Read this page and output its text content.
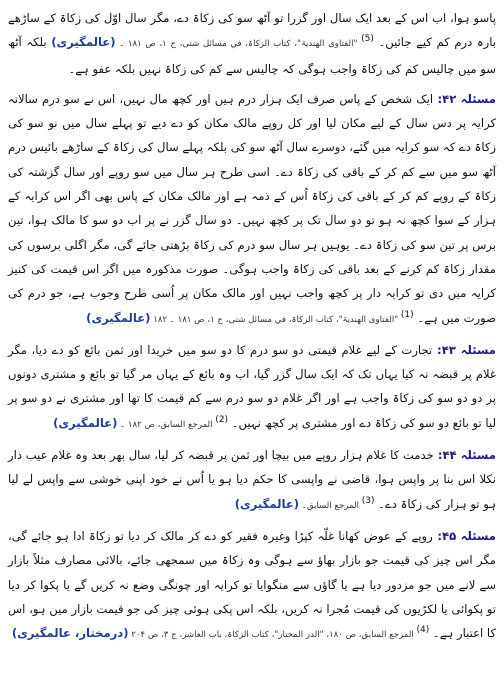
پاسو ہوا، اب اس کے بعد ایک سال اور گزرا تو آٹھ سو کی زکاۃ دے، مگر سال اوّل کی زکاۃ کے ساڑھے بارہ درم کم کیے جائیں۔ $^{(5)}$ "الفتاوی الھندیۃ"، کتاب الزکاۃ، في مسائل شتی، ج ۱، ص ۱۸۱ ۔ (عالمگیری) بلکہ آٹھ سو میں چالیس کم کی زکاۃ واجب ہوگی کہ چالیس سے کم کی زکاۃ نہیں بلکہ عفو ہے۔

مسئلہ ۴۲: ایک شخص کے پاس صرف ایک ہزار درم ہیں اور کچھ مال نہیں، اس نے سو درم سالانہ کرایہ پر دس سال کے لیے مکان لیا اور کل روپے مالک مکان کو دے دیے تو پہلے سال میں نو سو کی زکاۃ دے کہ سو کرایہ میں گئے، دوسرے سال آٹھ سو کی بلکہ پہلے سال کی زکاۃ کے ساڑھے بائیس درم آٹھ سو میں سے کم کر کے باقی کی زکاۃ دے۔ اسی طرح ہر سال میں سو روپے اور سال گزشتہ کی زکاۃ کے روپے کم کر کے باقی کی زکاۃ اُس کے ذمہ ہے اور مالک مکان کے پاس بھی اگر اس کرایہ کے ہزار کے سوا کچھ نہ ہو تو دو سال تک پر کچھ نہیں۔ دو سال گزر نے پر اب دو سو کا مالک ہوا، تین برس پر تین سو کی زکاۃ دے۔ یوہیں ہر سال سو درم کی زکاۃ بڑھتی جائے گی، مگر اگلی برسوں کی مقدار زکاۃ کم کرنے کے بعد باقی کی زکاۃ واجب ہوگی۔ صورت مذکورہ میں اگر اس قیمت کی کنیز کرایہ میں دی تو کرایہ دار پر کچھ واجب نہیں اور مالک مکان پر اُسی طرح وجوب ہے، جو درم کی صورت میں ہے۔ $^{(1)}$ "الفتاوی الھندیۃ"، کتاب الزکاۃ، في مسائل شتی، ج ۱، ص ۱۸۱ ۔ ۱۸۲ (عالمگیری)

مسئلہ ۴۳: تجارت کے لیے غلام قیمتی دو سو درم کا دو سو میں خریدا اور ثمن بائع کو دے دیا، مگر غلام پر قبضہ نہ کیا یہاں تک کہ ایک سال گزر گیا، اب وہ بائع کے یہاں مر گیا تو بائع و مشتری دونوں پر دو دو سو کی زکاۃ واجب ہے اور اگر غلام دو سو درم سے کم قیمت کا تھا اور مشتری نے دو سو پر لیا تو بائع دو سو کی زکاۃ دے اور مشتری پر کچھ نہیں۔ $^{(2)}$ المرجع السابق، ص ۱۸۲ ۔ (عالمگیری)

مسئلہ ۴۴: خدمت کا غلام ہزار روپے میں بیچا اور ثمن پر قبضہ کر لیا، سال بھر بعد وہ غلام عیب دار نکلا اس بنا پر واپس ہوا، قاضی نے واپسی کا حکم دیا ہو یا اُس نے خود اپنی خوشی سے واپس لے لیا ہو تو ہزار کی زکاۃ دے۔ $^{(3)}$ المرجع السابق۔ (عالمگیری)

مسئلہ ۴۵: روپے کے عوض کھانا غلّہ کپڑا وغیرہ فقیر کو دے کر مالک کر دیا تو زکاۃ ادا ہو جائے گی، مگر اس چیز کی قیمت جو بازار بھاؤ سے ہوگی وہ زکاۃ میں سمجھی جائے، بالائی مصارف مثلاً بازار سے لانے میں جو مزدور دیا ہے یا گاؤں سے منگوایا تو کرایہ اور چونگی وضع نہ کریں گے یا پکوا کر دیا تو پکوائی یا لکڑیوں کی قیمت مُجرا نہ کریں، بلکہ اس پکی ہوئی چیز کی جو قیمت بازار میں ہو، اس کا اعتبار ہے۔ $^{(4)}$ المرجع السابق، ص ۱۸۰، "الدر المختار"، کتاب الزکاۃ، باب العاشر، ج ۳، ص ۲۰۴ (درمختار، عالمگیری)
